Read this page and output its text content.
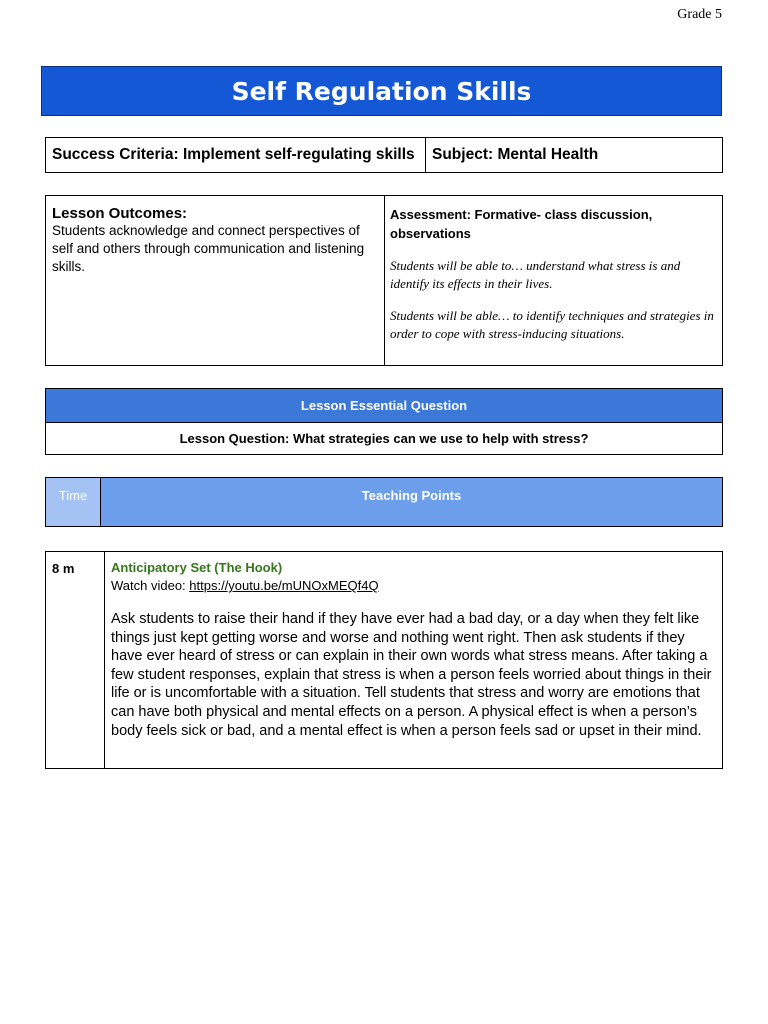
Grade 5
Self Regulation Skills
Success Criteria: Implement self-regulating skills	Subject: Mental Health
Lesson Outcomes:
Students acknowledge and connect perspectives of self and others through communication and listening skills.

Assessment: Formative- class discussion, observations
Students will be able to… understand what stress is and identify its effects in their lives.
Students will be able… to identify techniques and strategies in order to cope with stress-inducing situations.
Lesson Essential Question
Lesson Question: What strategies can we use to help with stress?
Time	Teaching Points
8 m	Anticipatory Set (The Hook)
Watch video: https://youtu.be/mUNOxMEQf4Q
Ask students to raise their hand if they have ever had a bad day, or a day when they felt like things just kept getting worse and worse and nothing went right. Then ask students if they have ever heard of stress or can explain in their own words what stress means. After taking a few student responses, explain that stress is when a person feels worried about things in their life or is uncomfortable with a situation. Tell students that stress and worry are emotions that can have both physical and mental effects on a person. A physical effect is when a person’s body feels sick or bad, and a mental effect is when a person feels sad or upset in their mind.
